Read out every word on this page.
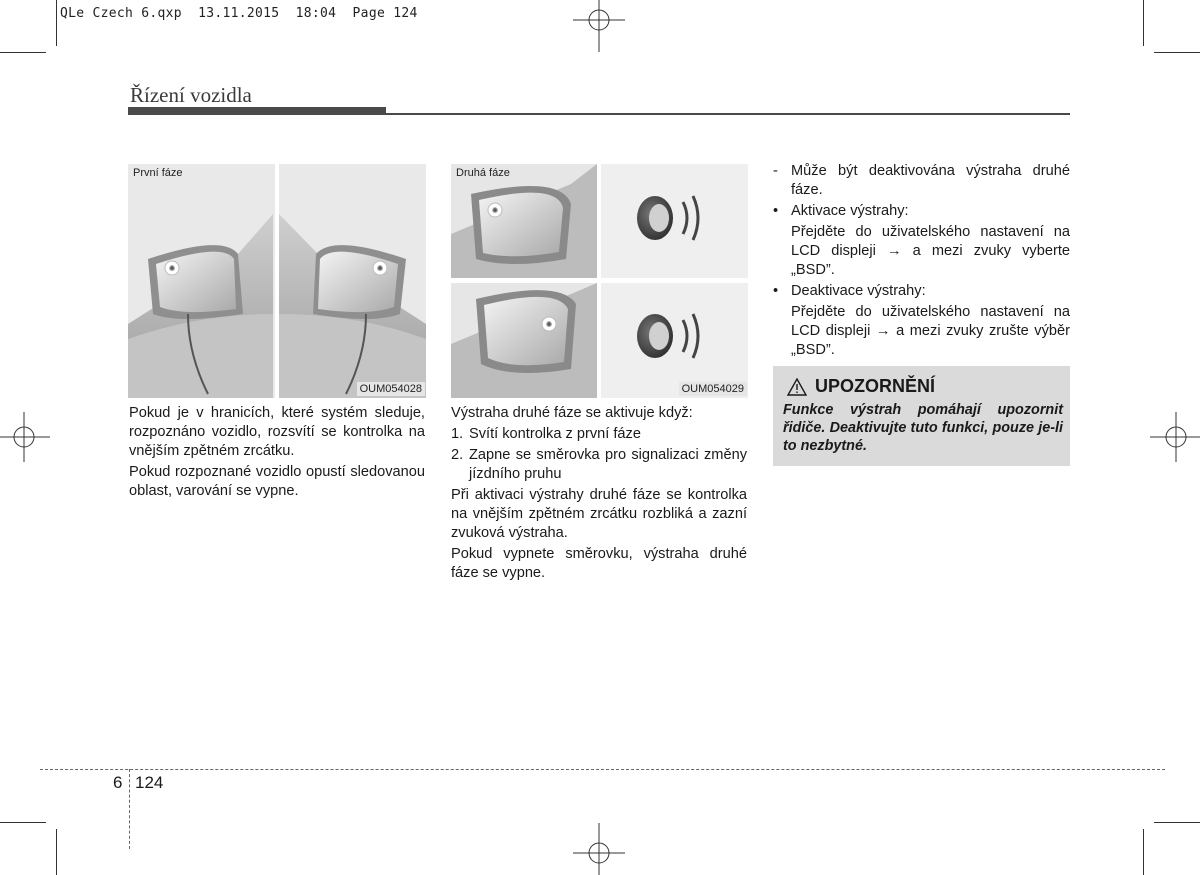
QLe Czech 6.qxp  13.11.2015  18:04  Page 124
Řízení vozidla
✺	✺
První fáze
OUM054028
✺
✺
Druhá fáze
OUM054029

Pokud je v hranicích, které systém sleduje, rozpoznáno vozidlo, rozsvítí se kontrolka na vnějším zpětném zrcátku.

Pokud rozpoznané vozidlo opustí sledovanou oblast, varování se vypne.

Výstraha druhé fáze se aktivuje když:

1. Svítí kontrolka z první fáze
2. Zapne se směrovka pro signalizaci změny jízdního pruhu

Při aktivaci výstrahy druhé fáze se kontrolka na vnějším zpětném zrcátku rozbliká a zazní zvuková výstraha.

Pokud vypnete směrovku, výstraha druhé fáze se vypne.

- Může být deaktivována výstraha druhé fáze.
• Aktivace výstrahy:
Přejděte do uživatelského nastavení na LCD displeji → a mezi zvuky vyberte „BSD”.
• Deaktivace výstrahy:
Přejděte do uživatelského nastavení na LCD displeji → a mezi zvuky zrušte výběr „BSD”.
UPOZORNĚNÍ
Funkce výstrah pomáhají upozornit řidiče. Deaktivujte tuto funkci, pouze je-li to nezbytné.
6 124
